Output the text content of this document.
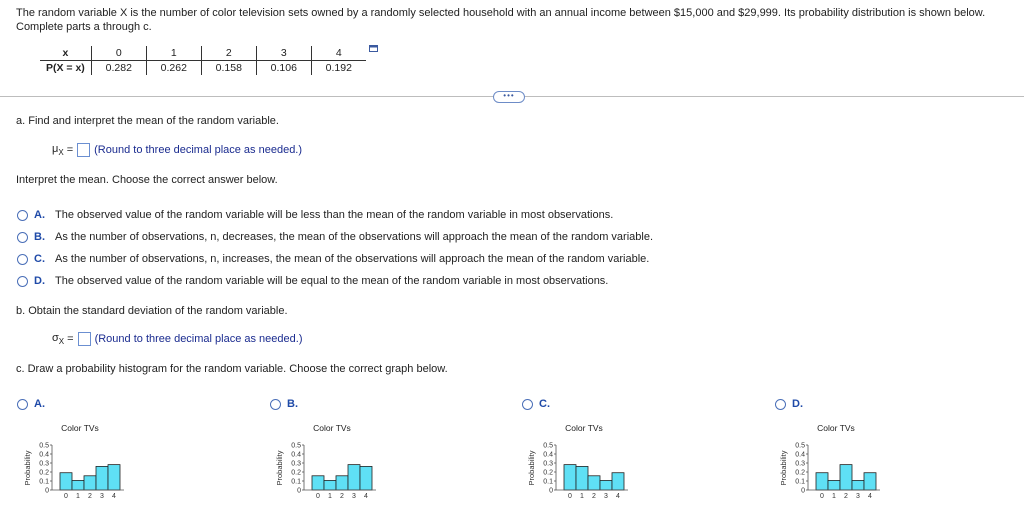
The random variable X is the number of color television sets owned by a randomly selected household with an annual income between $15,000 and $29,999. Its probability distribution is shown below. Complete parts a through c.
x	0	1	2	3	4
P(X = x)	0.282	0.262	0.158	0.106	0.192
•••
a. Find and interpret the mean of the random variable.
$\mu_X$ = (Round to three decimal place as needed.)
Interpret the mean. Choose the correct answer below.
A. The observed value of the random variable will be less than the mean of the random variable in most observations.
B. As the number of observations, n, decreases, the mean of the observations will approach the mean of the random variable.
C. As the number of observations, n, increases, the mean of the observations will approach the mean of the random variable.
D. The observed value of the random variable will be equal to the mean of the random variable in most observations.
b. Obtain the standard deviation of the random variable.
$\sigma_X$ = (Round to three decimal place as needed.)
c. Draw a probability histogram for the random variable. Choose the correct graph below.
A.	B.	C.	D.
Color TVs
Probability
0
0.1
0.2
0.3
0.4
0.5
0 1 2 3 4
Color TVs
Probability
0
0.1
0.2
0.3
0.4
0.5
0 1 2 3 4
Color TVs
Probability
0
0.1
0.2
0.3
0.4
0.5
0 1 2 3 4
Color TVs
Probability
0
0.1
0.2
0.3
0.4
0.5
0 1 2 3 4
